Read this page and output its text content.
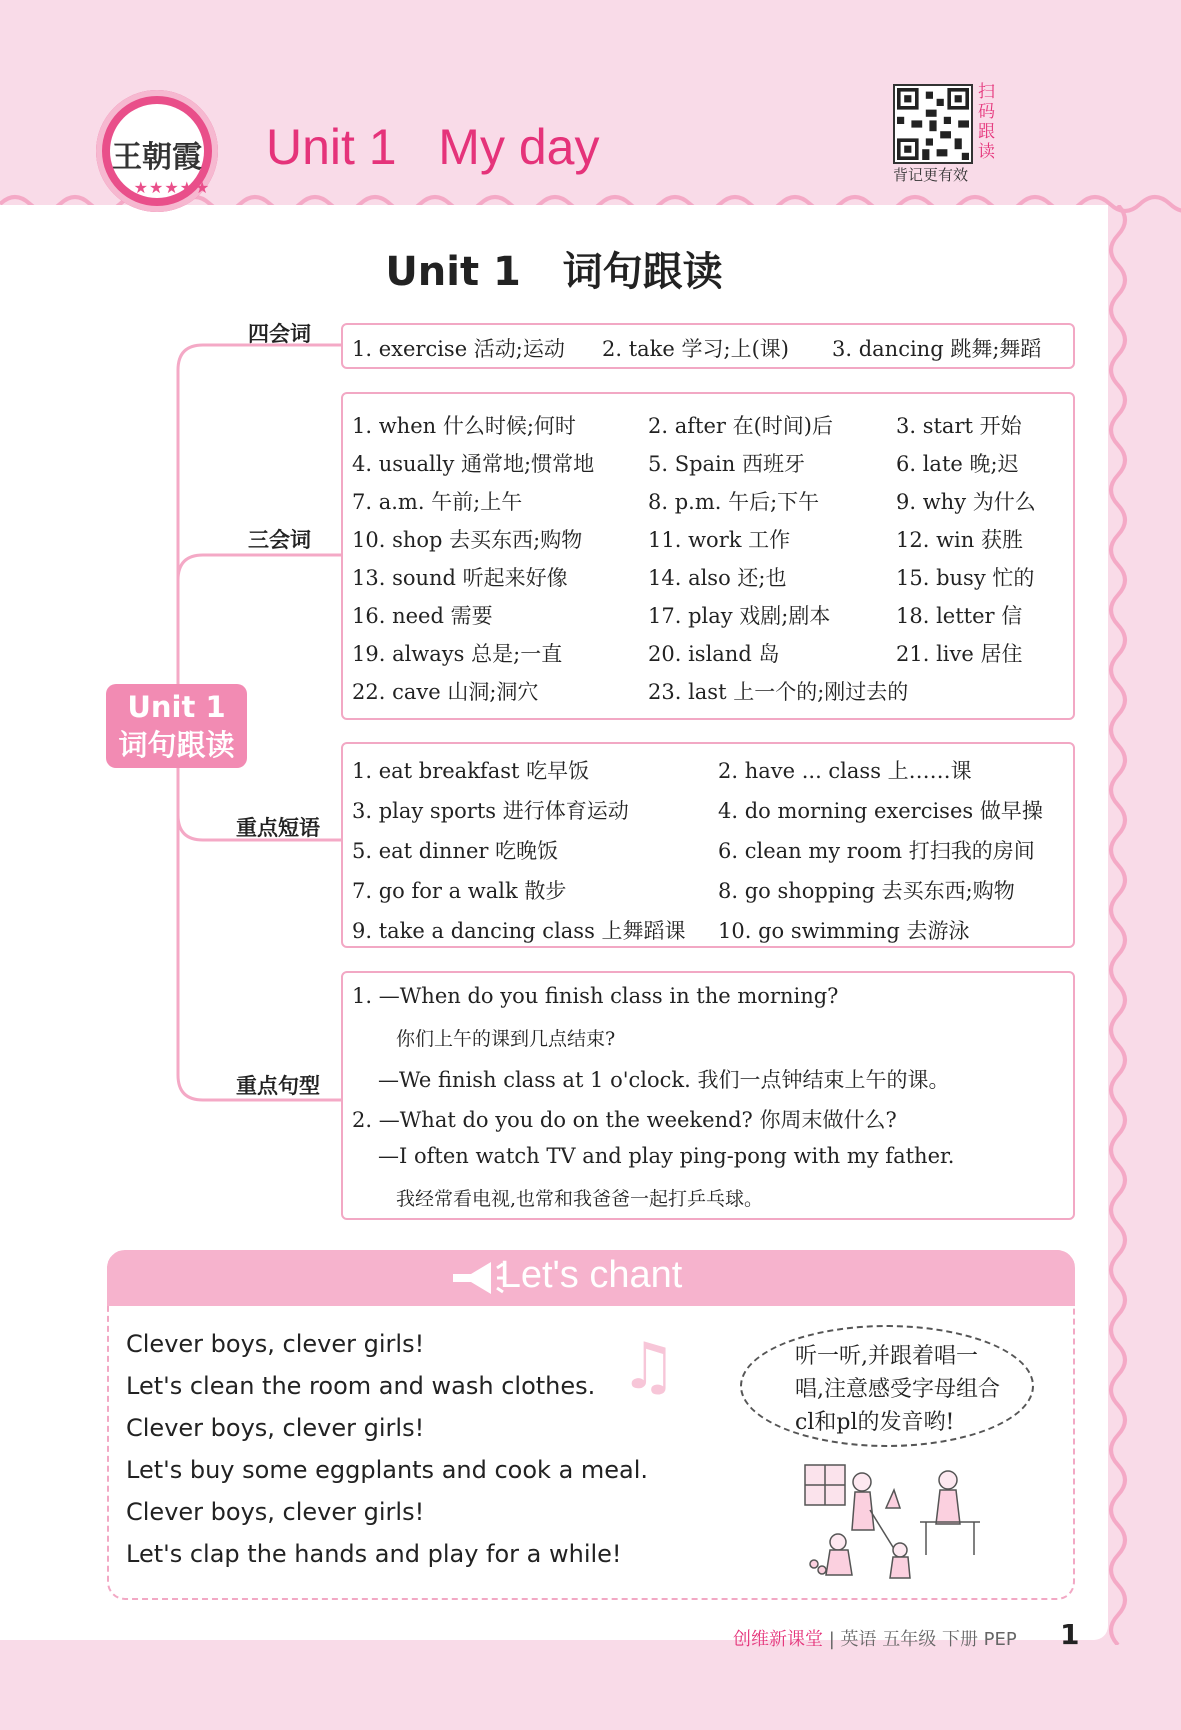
王朝霞
★★★★★
Unit 1   My day
扫码跟读
背记更有效
Unit 1   词句跟读
Unit 1
词句跟读
四会词
三会词
重点短语
重点句型
1. exercise 活动;运动 2. take 学习;上(课) 3. dancing 跳舞;舞蹈
1. when 什么时候;何时	2. after 在(时间)后	3. start 开始
4. usually 通常地;惯常地	5. Spain 西班牙	6. late 晚;迟
7. a.m. 午前;上午	8. p.m. 午后;下午	9. why 为什么
10. shop 去买东西;购物	11. work 工作	12. win 获胜
13. sound 听起来好像	14. also 还;也	15. busy 忙的
16. need 需要	17. play 戏剧;剧本	18. letter 信
19. always 总是;一直	20. island 岛	21. live 居住
22. cave 山洞;洞穴	23. last 上一个的;刚过去的
1. eat breakfast 吃早饭	2. have ... class 上……课
3. play sports 进行体育运动	4. do morning exercises 做早操
5. eat dinner 吃晚饭	6. clean my room 打扫我的房间
7. go for a walk 散步	8. go shopping 去买东西;购物
9. take a dancing class 上舞蹈课 10. go swimming 去游泳
1. —When do you finish class in the morning?
你们上午的课到几点结束?
—We finish class at 1 o'clock. 我们一点钟结束上午的课。
2. —What do you do on the weekend? 你周末做什么?
—I often watch TV and play ping-pong with my father.
我经常看电视,也常和我爸爸一起打乒乓球。
Let's chant
Clever boys, clever girls!
Let's clean the room and wash clothes.
Clever boys, clever girls!
Let's buy some eggplants and cook a meal.
Clever boys, clever girls!
Let's clap the hands and play for a while!
♫	听一听,并跟着唱一唱,注意感受字母组合cl和pl的发音哟!
创维新课堂 | 英语 五年级 下册 PEP 1
